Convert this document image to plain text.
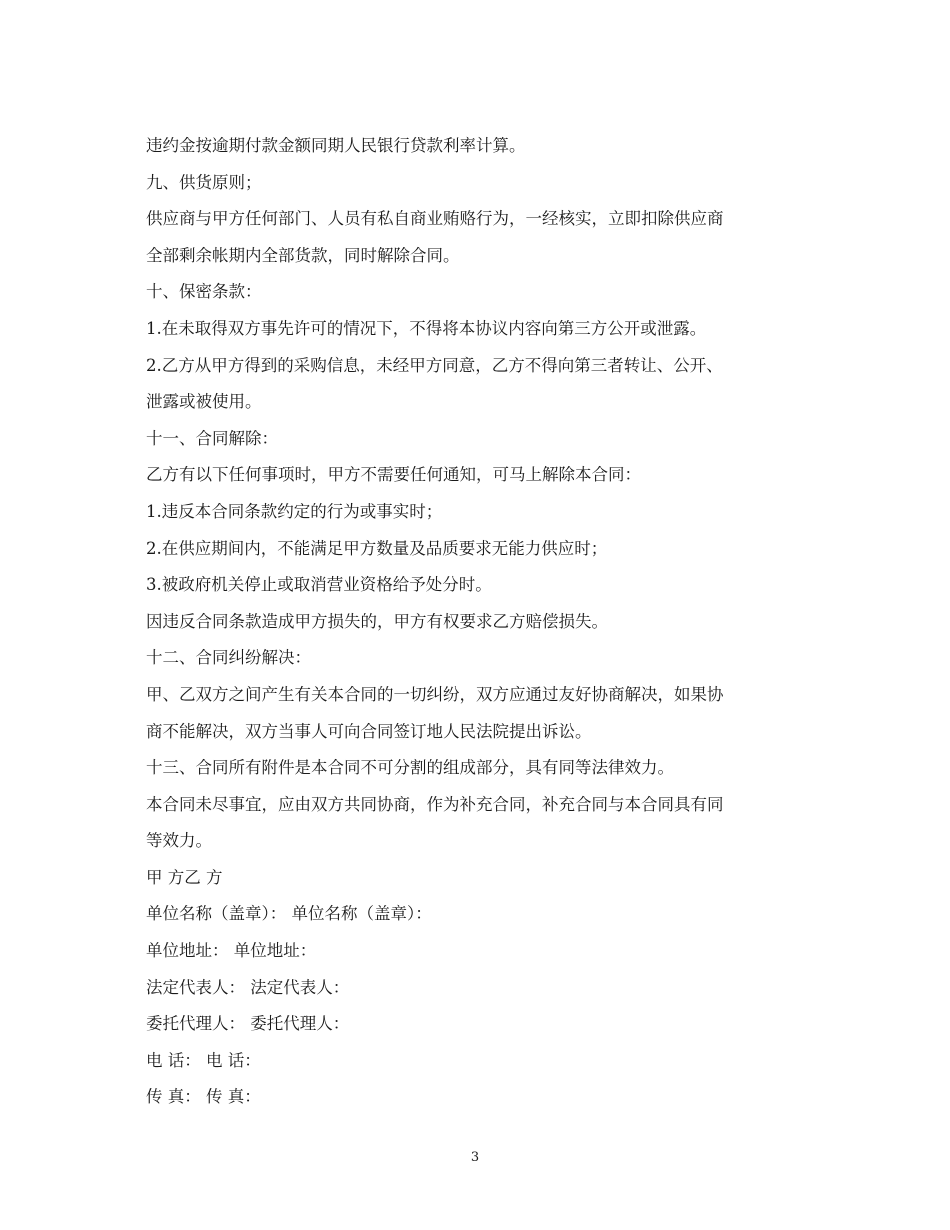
违约金按逾期付款金额同期人民银行贷款利率计算。
九、供货原则；
供应商与甲方任何部门、人员有私自商业贿赂行为，一经核实，立即扣除供应商
全部剩余帐期内全部货款，同时解除合同。
十、保密条款：
1.在未取得双方事先许可的情况下，不得将本协议内容向第三方公开或泄露。
2.乙方从甲方得到的采购信息，未经甲方同意，乙方不得向第三者转让、公开、
泄露或被使用。
十一、合同解除：
乙方有以下任何事项时，甲方不需要任何通知，可马上解除本合同：
1.违反本合同条款约定的行为或事实时；
2.在供应期间内，不能满足甲方数量及品质要求无能力供应时；
3.被政府机关停止或取消营业资格给予处分时。
因违反合同条款造成甲方损失的，甲方有权要求乙方赔偿损失。
十二、合同纠纷解决：
甲、乙双方之间产生有关本合同的一切纠纷，双方应通过友好协商解决，如果协
商不能解决，双方当事人可向合同签订地人民法院提出诉讼。
十三、合同所有附件是本合同不可分割的组成部分，具有同等法律效力。
本合同未尽事宜，应由双方共同协商，作为补充合同，补充合同与本合同具有同
等效力。
甲 方乙 方
单位名称（盖章）： 单位名称（盖章）：
单位地址： 单位地址：
法定代表人： 法定代表人：
委托代理人： 委托代理人：
电 话： 电 话：
传 真： 传 真：
3
